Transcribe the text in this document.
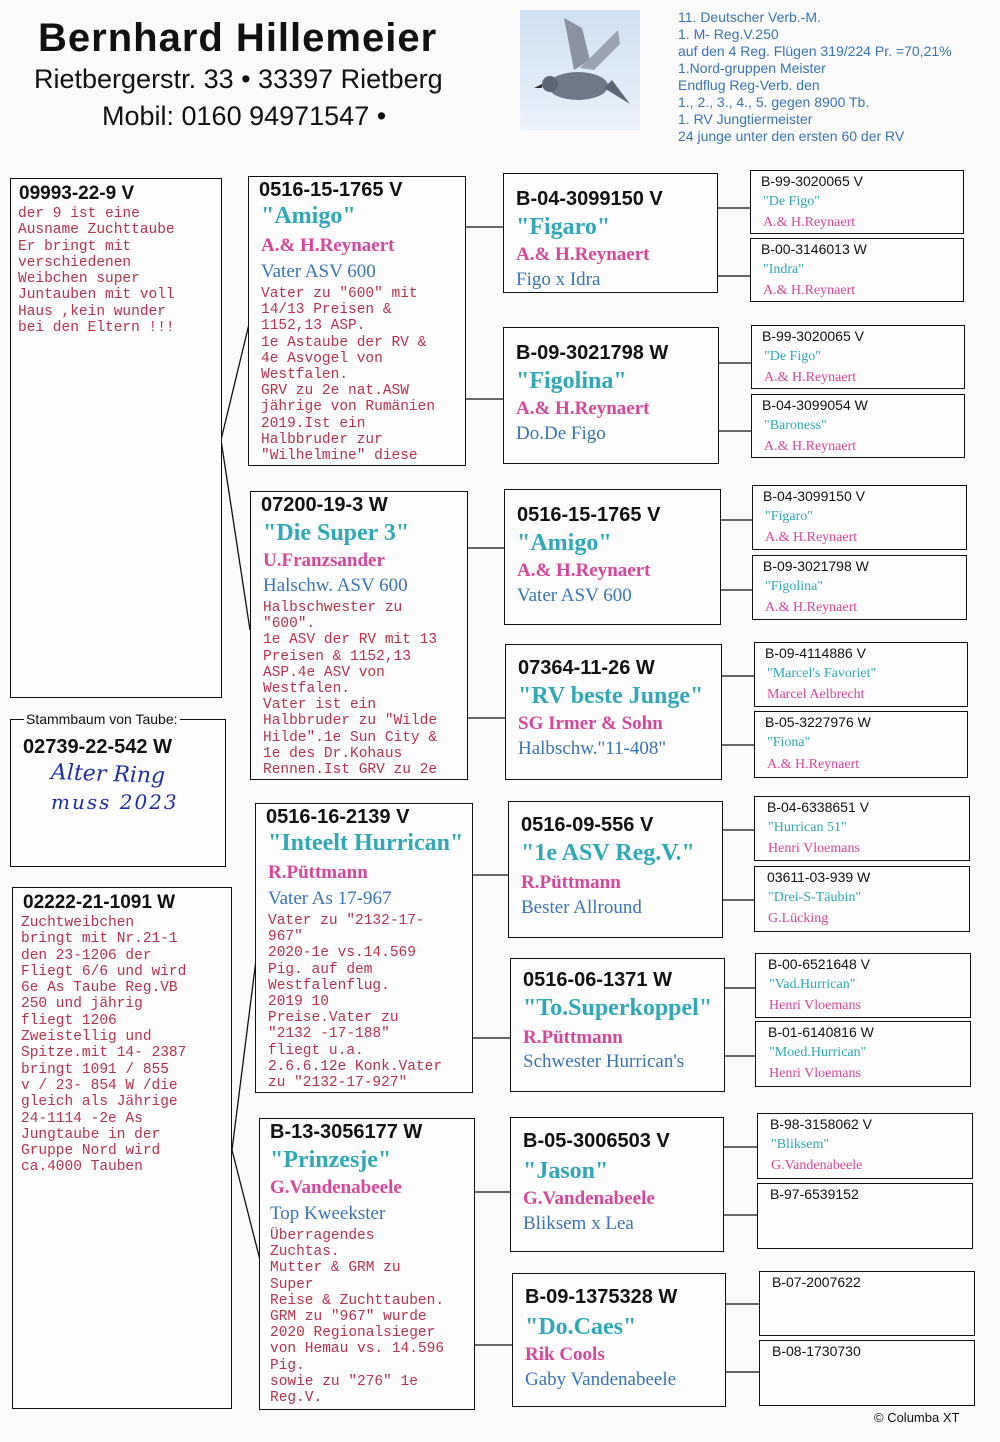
Bernhard Hillemeier
Rietbergerstr. 33 • 33397 Rietberg
Mobil: 0160 94971547 •
11. Deutscher Verb.-M.
1. M- Reg.V.250
auf den 4 Reg. Flügen 319/224 Pr. =70,21%
1.Nord-gruppen Meister
Endflug Reg-Verb. den
1., 2., 3., 4., 5. gegen 8900 Tb.
1. RV Jungtiermeister
24 junge unter den ersten 60 der RV
09993-22-9 V
der 9 ist eine
Ausname Zuchttaube
Er bringt mit
verschiedenen
Weibchen super
Juntauben mit voll
Haus ,kein wunder
bei den Eltern !!!
Stammbaum von Taube:
02739-22-542 W
Alter Ring
muss 2023
02222-21-1091 W
Zuchtweibchen
bringt mit Nr.21-1
den 23-1206 der
Fliegt 6/6 und wird
6e As Taube Reg.VB
250 und jährig
fliegt 1206
Zweistellig und
Spitze.mit 14- 2387
bringt 1091 / 855
v / 23- 854 W /die
gleich als Jährige
24-1114 -2e As
Jungtaube in der
Gruppe Nord wird
ca.4000 Tauben
0516-15-1765 V
"Amigo"
A.& H.Reynaert
Vater ASV 600
Vater zu "600" mit
14/13 Preisen &
1152,13 ASP.
1e Astaube der RV &
4e Asvogel von
Westfalen.
GRV zu 2e nat.ASW
jährige von Rumänien
2019.Ist ein
Halbbruder zur
"Wilhelmine" diese
07200-19-3 W
"Die Super 3"
U.Franzsander
Halschw. ASV 600
Halbschwester zu
"600".
1e ASV der RV mit 13
Preisen & 1152,13
ASP.4e ASV von
Westfalen.
Vater ist ein
Halbbruder zu "Wilde
Hilde".1e Sun City &
1e des Dr.Kohaus
Rennen.Ist GRV zu 2e
0516-16-2139 V
"Inteelt Hurrican"
R.Püttmann
Vater As 17-967
Vater zu "2132-17-
967"
2020-1e vs.14.569
Pig. auf dem
Westfalenflug.
2019 10
Preise.Vater zu
"2132 -17-188"
fliegt u.a.
2.6.6.12e Konk.Vater
zu "2132-17-927"
B-13-3056177 W
"Prinzesje"
G.Vandenabeele
Top Kweekster
Überragendes
Zuchtas.
Mutter & GRM zu
Super
Reise & Zuchttauben.
GRM zu "967" wurde
2020 Regionalsieger
von Hemau vs. 14.596
Pig.
sowie zu "276" 1e
Reg.V.
B-04-3099150 V
"Figaro"
A.& H.Reynaert
Figo x Idra
B-09-3021798 W
"Figolina"
A.& H.Reynaert
Do.De Figo
0516-15-1765 V
"Amigo"
A.& H.Reynaert
Vater ASV 600
07364-11-26 W
"RV beste Junge"
SG Irmer & Sohn
Halbschw."11-408"
0516-09-556 V
"1e ASV Reg.V."
R.Püttmann
Bester Allround
0516-06-1371 W
"To.Superkoppel"
R.Püttmann
Schwester Hurrican's
B-05-3006503 V
"Jason"
G.Vandenabeele
Bliksem x Lea
B-09-1375328 W
"Do.Caes"
Rik Cools
Gaby Vandenabeele
B-99-3020065 V
"De Figo"
A.& H.Reynaert
B-00-3146013 W
"Indra"
A.& H.Reynaert
B-99-3020065 V
"De Figo"
A.& H.Reynaert
B-04-3099054 W
"Baroness"
A.& H.Reynaert
B-04-3099150 V
"Figaro"
A.& H.Reynaert
B-09-3021798 W
"Figolina"
A.& H.Reynaert
B-09-4114886 V
"Marcel's Favoriet"
Marcel Aelbrecht
B-05-3227976 W
"Fiona"
A.& H.Reynaert
B-04-6338651 V
"Hurrican 51"
Henri Vloemans
03611-03-939 W
"Drei-S-Täubin"
G.Lücking
B-00-6521648 V
"Vad.Hurrican"
Henri Vloemans
B-01-6140816 W
"Moed.Hurrican"
Henri Vloemans
B-98-3158062 V
"Bliksem"
G.Vandenabeele
B-97-6539152
B-07-2007622
B-08-1730730
© Columba XT
